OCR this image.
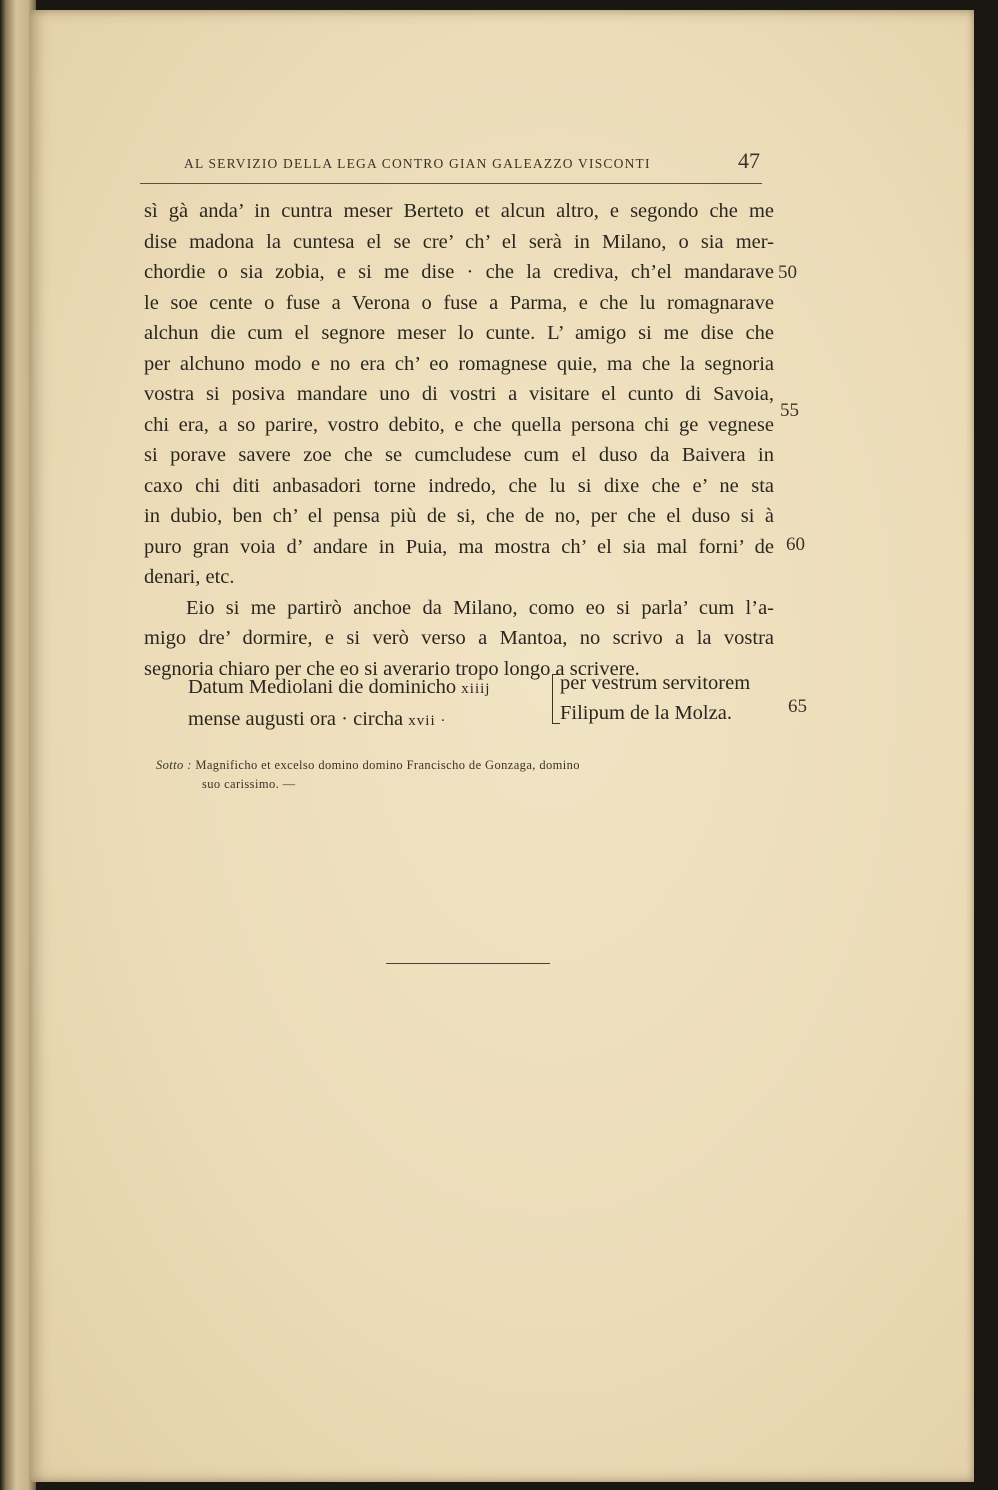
AL SERVIZIO DELLA LEGA CONTRO GIAN GALEAZZO VISCONTI	47
sì gà anda’ in cuntra meser Berteto et alcun altro, e segondo che me
dise madona la cuntesa el se cre’ ch’ el serà in Milano, o sia mer-
chordie o sia zobia, e si me dise · che la crediva, ch’el mandarave
le soe cente o fuse a Verona o fuse a Parma, e che lu romagnarave
alchun die cum el segnore meser lo cunte. L’ amigo si me dise che
per alchuno modo e no era ch’ eo romagnese quie, ma che la segnoria
vostra si posiva mandare uno di vostri a visitare el cunto di Savoia,
chi era, a so parire, vostro debito, e che quella persona chi ge vegnese
si porave savere zoe che se cumcludese cum el duso da Baivera in
caxo chi diti anbasadori torne indredo, che lu si dixe che e’ ne sta
in dubio, ben ch’ el pensa più de si, che de no, per che el duso si à
puro gran voia d’ andare in Puia, ma mostra ch’ el sia mal forni’ de
denari, etc.
Eio si me partirò anchoe da Milano, como eo si parla’ cum l’a-
migo dre’ dormire, e si verò verso a Mantoa, no scrivo a la vostra
segnoria chiaro per che eo si averario tropo longo a scrivere.
50
55
60
65
Datum Mediolani die dominicho xiiij
mense augusti ora · circha xvii ·
per vestrum servitorem
Filipum de la Molza.
Sotto : Magnificho et excelso domino domino Francischo de Gonzaga, domino
suo carissimo. —
